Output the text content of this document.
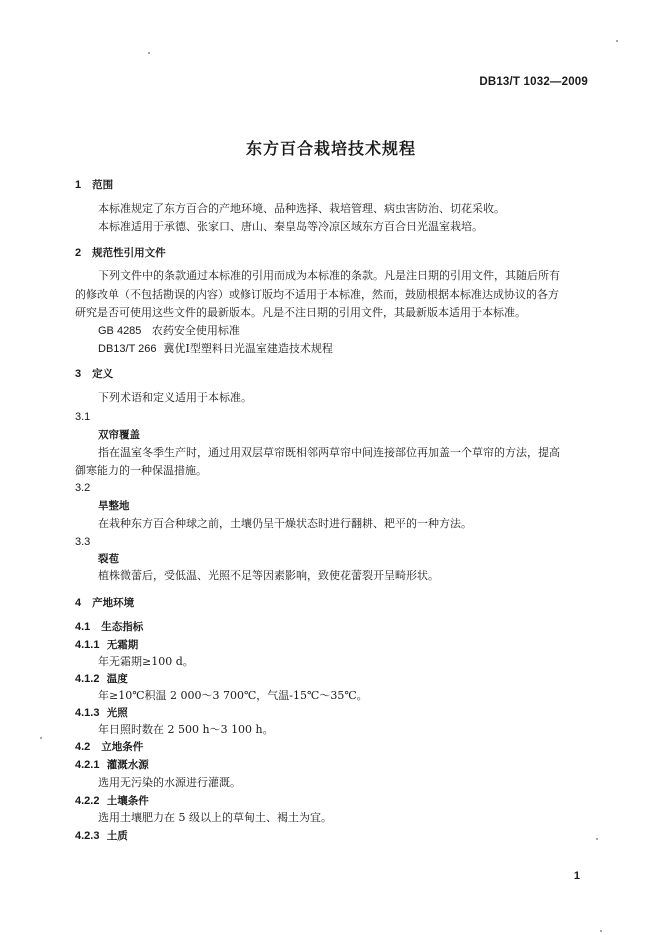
DB13/T 1032—2009
东方百合栽培技术规程
1 范围
本标准规定了东方百合的产地环境、品种选择、栽培管理、病虫害防治、切花采收。
本标准适用于承德、张家口、唐山、秦皇岛等冷凉区域东方百合日光温室栽培。
2 规范性引用文件
下列文件中的条款通过本标准的引用而成为本标准的条款。凡是注日期的引用文件，其随后所有
的修改单（不包括勘误的内容）或修订版均不适用于本标准，然而，鼓励根据本标准达成协议的各方
研究是否可使用这些文件的最新版本。凡是不注日期的引用文件，其最新版本适用于本标准。
GB 4285 农药安全使用标准
DB13/T 266 冀优Ⅰ型塑料日光温室建造技术规程
3 定义
下列术语和定义适用于本标准。
3.1
双帘覆盖
指在温室冬季生产时，通过用双层草帘既相邻两草帘中间连接部位再加盖一个草帘的方法，提高
御寒能力的一种保温措施。
3.2
旱整地
在栽种东方百合种球之前，土壤仍呈干燥状态时进行翻耕、耙平的一种方法。
3.3
裂苞
植株微蕾后，受低温、光照不足等因素影响，致使花蕾裂开呈畸形状。
4 产地环境
4.1 生态指标
4.1.1 无霜期
年无霜期≥100 d。
4.1.2 温度
年≥10℃积温 2 000～3 700℃，气温-15℃～35℃。
4.1.3 光照
年日照时数在 2 500 h～3 100 h。
4.2 立地条件
4.2.1 灌溉水源
选用无污染的水源进行灌溉。
4.2.2 土壤条件
选用土壤肥力在 5 级以上的草甸土、褐土为宜。
4.2.3 土质
1
